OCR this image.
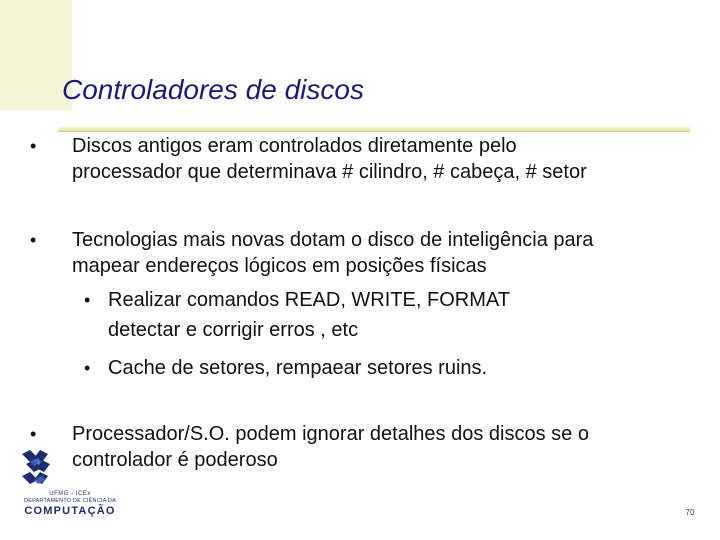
Controladores de discos
• Discos antigos eram controlados diretamente pelo
processador que determinava # cilindro, # cabeça, # setor
• Tecnologias mais novas dotam o disco de inteligência para
mapear endereços lógicos em posições físicas
• Realizar comandos READ, WRITE, FORMAT
detectar e corrigir erros , etc
• Cache de setores, rempaear setores ruins.
• Processador/S.O. podem ignorar detalhes dos discos se o
controlador é poderoso
UFMG - ICEx
DEPARTAMENTO DE CIÊNCIA DA
COMPUTAÇÃO	70
